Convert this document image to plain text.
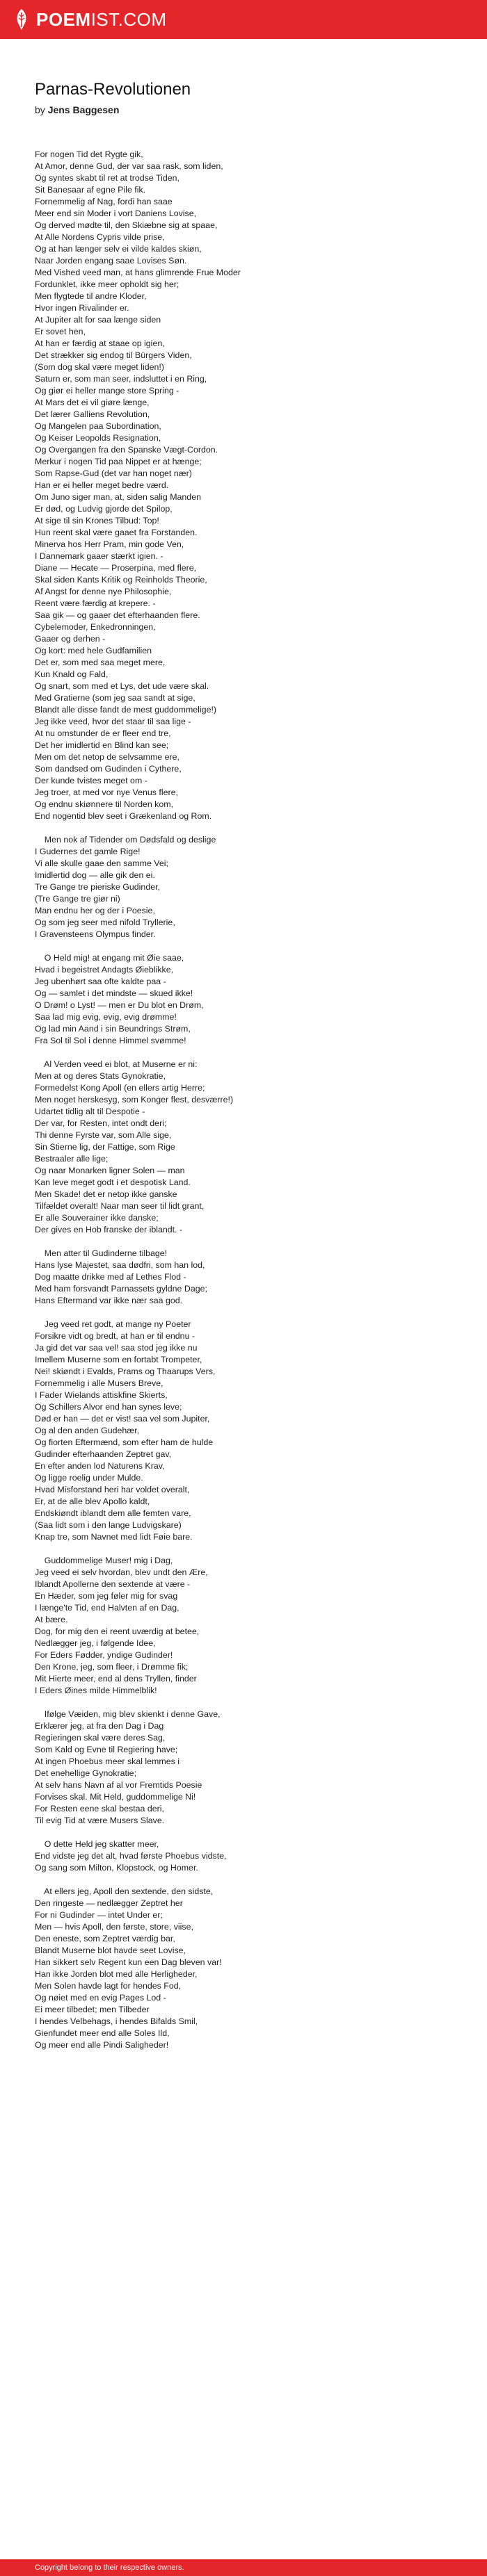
POEMIST.COM
Parnas-Revolutionen
by Jens Baggesen
For nogen Tid det Rygte gik,
At Amor, denne Gud, der var saa rask, som liden,
Og syntes skabt til ret at trodse Tiden,
Sit Banesaar af egne Pile fik.
Fornemmelig af Nag, fordi han saae
Meer end sin Moder i vort Daniens Lovise,
Og derved mødte til, den Skiæbne sig at spaae,
At Alle Nordens Cypris vilde prise,
Og at han længer selv ei vilde kaldes skiøn,
Naar Jorden engang saae Lovises Søn.
Med Vished veed man, at hans glimrende Frue Moder
Fordunklet, ikke meer opholdt sig her;
Men flygtede til andre Kloder,
Hvor ingen Rivalinder er.
At Jupiter alt for saa længe siden
Er sovet hen,
At han er færdig at staae op igien,
Det strækker sig endog til Bürgers Viden,
(Som dog skal være meget liden!)
Saturn er, som man seer, indsluttet i en Ring,
Og giør ei heller mange store Spring -
At Mars det ei vil giøre længe,
Det lærer Galliens Revolution,
Og Mangelen paa Subordination,
Og Keiser Leopolds Resignation,
Og Overgangen fra den Spanske Vægt-Cordon.
Merkur i nogen Tid paa Nippet er at hænge;
Som Rapse-Gud (det var han noget nær)
Han er ei heller meget bedre værd.
Om Juno siger man, at, siden salig Manden
Er død, og Ludvig gjorde det Spilop,
At sige til sin Krones Tilbud: Top!
Hun reent skal være gaaet fra Forstanden.
Minerva hos Herr Pram, min gode Ven,
I Dannemark gaaer stærkt igien. -
Diane — Hecate — Proserpina, med flere,
Skal siden Kants Kritik og Reinholds Theorie,
Af Angst for denne nye Philosophie,
Reent være færdig at krepere. -
Saa gik — og gaaer det efterhaanden flere.
Cybelemoder, Enkedronningen,
Gaaer og derhen -
Og kort: med hele Gudfamilien
Det er, som med saa meget mere,
Kun Knald og Fald,
Og snart, som med et Lys, det ude være skal.
Med Gratierne (som jeg saa sandt at sige,
Blandt alle disse fandt de mest guddommelige!)
Jeg ikke veed, hvor det staar til saa lige -
At nu omstunder de er fleer end tre,
Det her imidlertid en Blind kan see;
Men om det netop de selvsamme ere,
Som dandsed om Gudinden i Cythere,
Der kunde tvistes meget om -
Jeg troer, at med vor nye Venus flere,
Og endnu skiønnere til Norden kom,
End nogentid blev seet i Grækenland og Rom.
Men nok af Tidender om Dødsfald og deslige
I Gudernes det gamle Rige!
Vi alle skulle gaae den samme Vei;
Imidlertid dog — alle gik den ei.
Tre Gange tre pieriske Gudinder,
(Tre Gange tre giør ni)
Man endnu her og der i Poesie,
Og som jeg seer med nifold Tryllerie,
I Gravensteens Olympus finder.
O Held mig! at engang mit Øie saae,
Hvad i begeistret Andagts Øieblikke,
Jeg ubenhørt saa ofte kaldte paa -
Og — samlet i det mindste — skued ikke!
O Drøm! o Lyst! — men er Du blot en Drøm,
Saa lad mig evig, evig, evig drømme!
Og lad min Aand i sin Beundrings Strøm,
Fra Sol til Sol i denne Himmel svømme!
Al Verden veed ei blot, at Muserne er ni:
Men at og deres Stats Gynokratie,
Formedelst Kong Apoll (en ellers artig Herre;
Men noget herskesyg, som Konger flest, desværre!)
Udartet tidlig alt til Despotie -
Der var, for Resten, intet ondt deri;
Thi denne Fyrste var, som Alle sige,
Sin Stierne lig, der Fattige, som Rige
Bestraaler alle lige;
Og naar Monarken ligner Solen — man
Kan leve meget godt i et despotisk Land.
Men Skade! det er netop ikke ganske
Tilfældet overalt! Naar man seer til lidt grant,
Er alle Souverainer ikke danske;
Der gives en Hob franske der iblandt. -
Men atter til Gudinderne tilbage!
Hans lyse Majestet, saa dødfri, som han lod,
Dog maatte drikke med af Lethes Flod -
Med ham forsvandt Parnassets gyldne Dage;
Hans Eftermand var ikke nær saa god.
Jeg veed ret godt, at mange ny Poeter
Forsikre vidt og bredt, at han er til endnu -
Ja gid det var saa vel! saa stod jeg ikke nu
Imellem Muserne som en fortabt Trompeter,
Nei! skiøndt i Evalds, Prams og Thaarups Vers,
Fornemmelig i alle Musers Breve,
I Fader Wielands attiskfine Skierts,
Og Schillers Alvor end han synes leve;
Død er han — det er vist! saa vel som Jupiter,
Og al den anden Gudehær,
Og fiorten Eftermænd, som efter ham de hulde
Gudinder efterhaanden Zeptret gav,
En efter anden lod Naturens Krav,
Og ligge roelig under Mulde.
Hvad Misforstand heri har voldet overalt,
Er, at de alle blev Apollo kaldt,
Endskiøndt iblandt dem alle femten vare,
(Saa lidt som i den lange Ludvigskare)
Knap tre, som Navnet med lidt Føie bare.
Guddommelige Muser! mig i Dag,
Jeg veed ei selv hvordan, blev undt den Ære,
Iblandt Apollerne den sextende at være -
En Hæder, som jeg føler mig for svag
I længe'te Tid, end Halvten af en Dag,
At bære.
Dog, for mig den ei reent uværdig at betee,
Nedlægger jeg, i følgende Idee,
For Eders Fødder, yndige Gudinder!
Den Krone, jeg, som fleer, i Drømme fik;
Mit Hierte meer, end al dens Tryllen, finder
I Eders Øines milde Himmelblik!
Ifølge Væiden, mig blev skienkt i denne Gave,
Erklærer jeg, at fra den Dag i Dag
Regieringen skal være deres Sag,
Som Kald og Evne til Regiering have;
At ingen Phoebus meer skal lemmes i
Det enehellige Gynokratie;
At selv hans Navn af al vor Fremtids Poesie
Forvises skal. Mit Held, guddommelige Ni!
For Resten eene skal bestaa deri,
Til evig Tid at være Musers Slave.
O dette Held jeg skatter meer,
End vidste jeg det alt, hvad første Phoebus vidste,
Og sang som Milton, Klopstock, og Homer.
At ellers jeg, Apoll den sextende, den sidste,
Den ringeste — nedlægger Zeptret her
For ni Gudinder — intet Under er;
Men — hvis Apoll, den første, store, viise,
Den eneste, som Zeptret værdig bar,
Blandt Muserne blot havde seet Lovise,
Han sikkert selv Regent kun een Dag bleven var!
Han ikke Jorden blot med alle Herligheder,
Men Solen havde lagt for hendes Fod,
Og nøiet med en evig Pages Lod -
Ei meer tilbedet; men Tilbeder
I hendes Velbehags, i hendes Bifalds Smil,
Gienfundet meer end alle Soles Ild,
Og meer end alle Pindi Saligheder!
Copyright belong to their respective owners.
